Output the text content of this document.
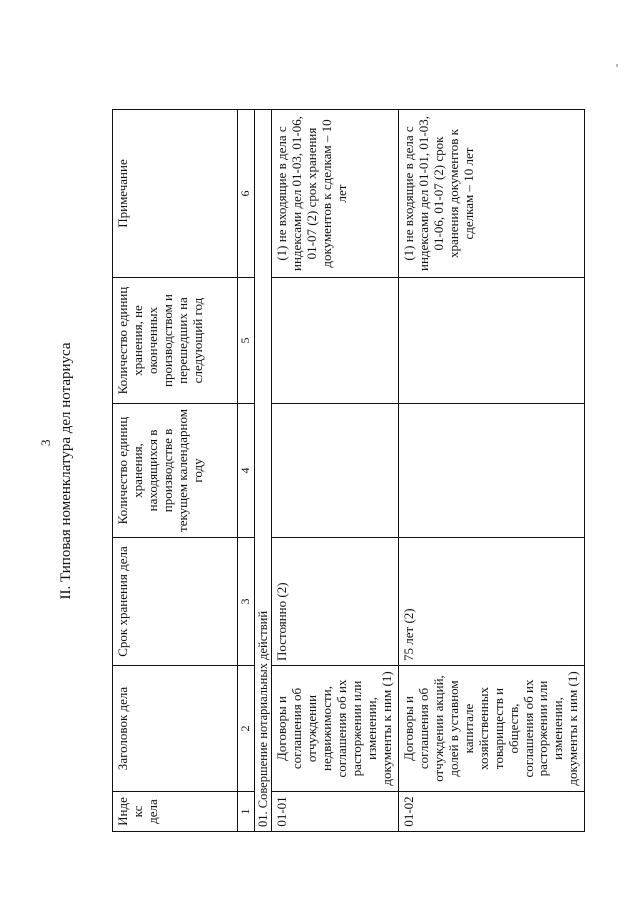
3 II. Типовая номенклатура дел нотариуса
Индекс дела	Заголовок дела	Срок хранения дела	Количество единиц хранения, находящихся в производстве в текущем календарном году	Количество единиц хранения, не оконченных производством и перешедших на следующий год	Примечание
1	2	3	4	5	6
01. Совершение нотариальных действий					
01-01	Договоры и соглашения об отчуждении недвижимости, соглашения об их расторжении или изменении, документы к ним (1)	Постоянно (2)			(1) не входящие в дела с индексами дел 01-03, 01-06, 01-07 (2) срок хранения документов к сделкам – 10 лет
01-02	Договоры и соглашения об отчуждении акций, долей в уставном капитале хозяйственных товариществ и обществ, соглашения об их расторжении или изменении, документы к ним (1)	75 лет (2)			(1) не входящие в дела с индексами дел 01-01, 01-03, 01-06, 01-07 (2) срок хранения документов к сделкам – 10 лет
